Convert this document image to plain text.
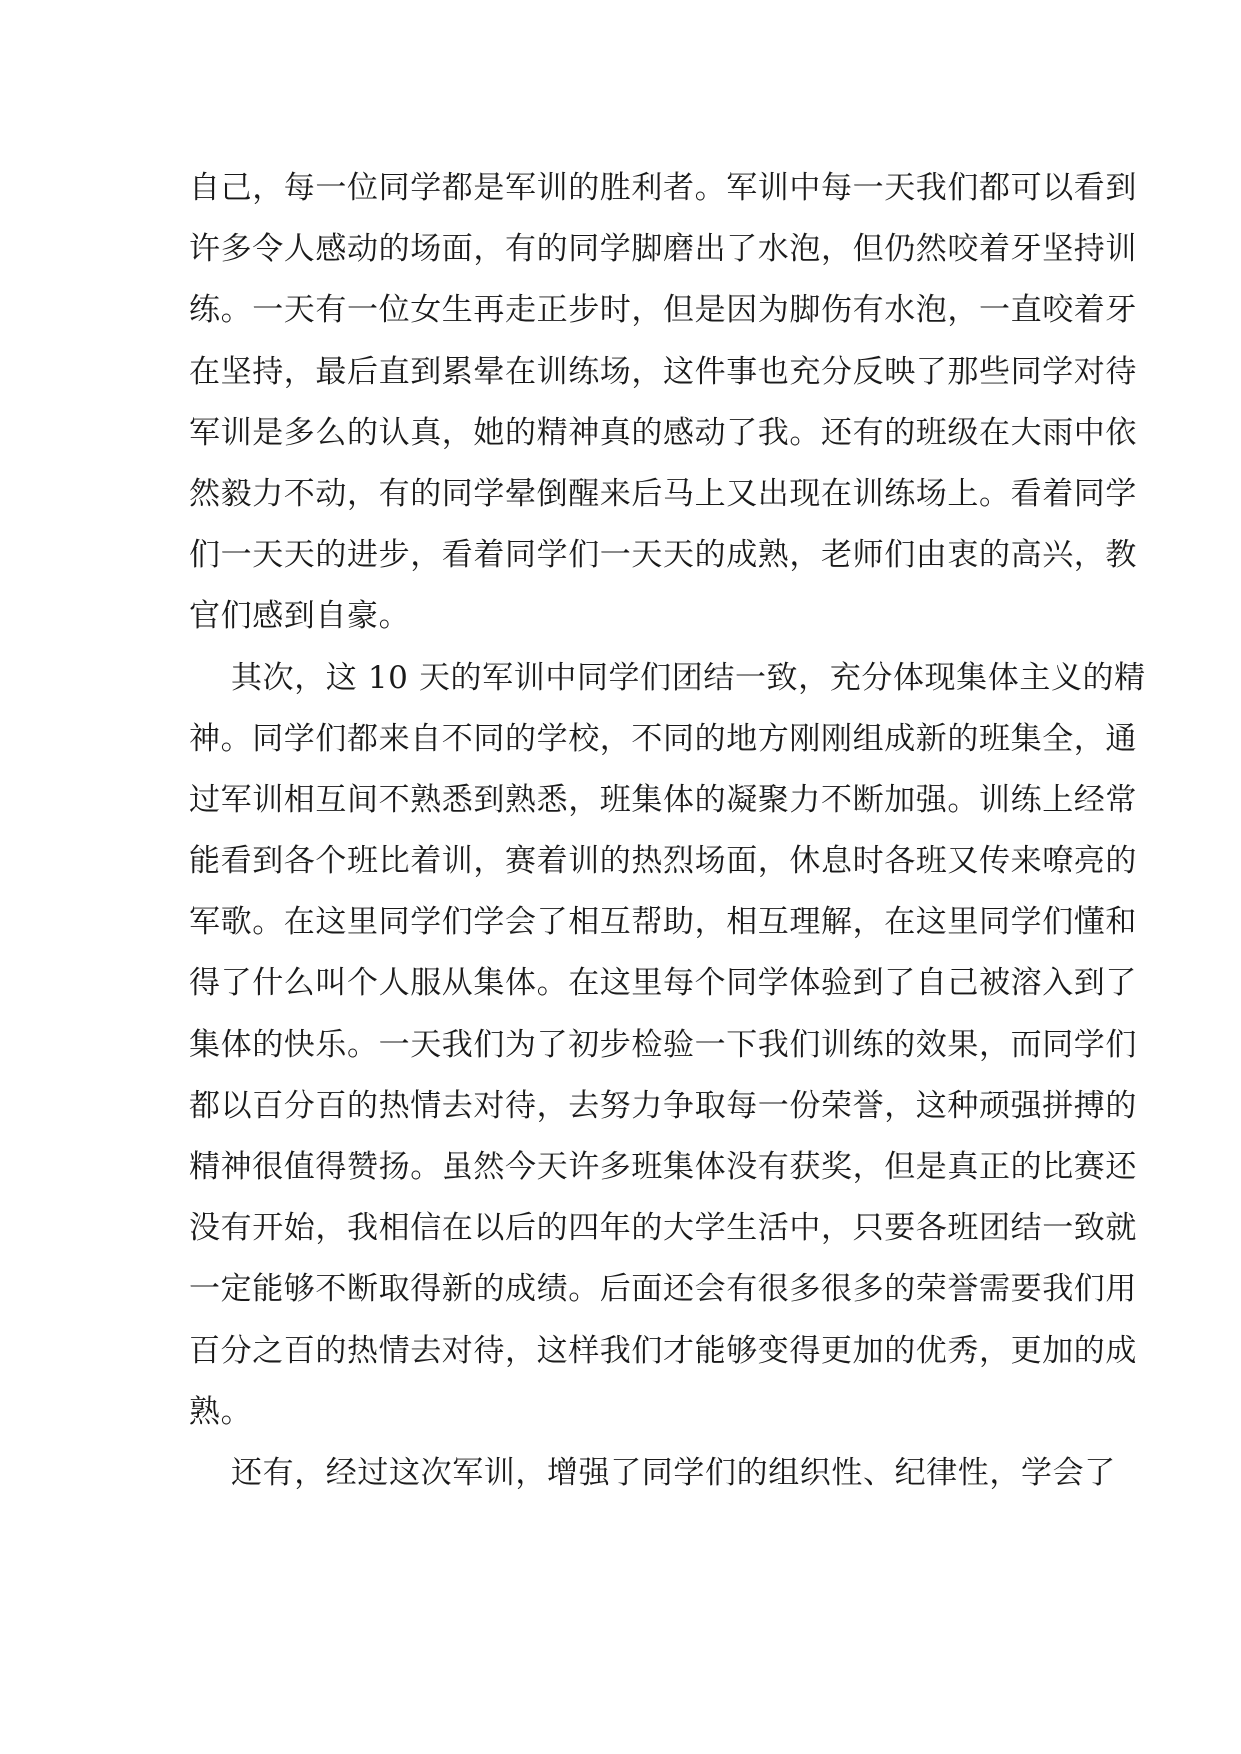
自己，每一位同学都是军训的胜利者。军训中每一天我们都可以看到
许多令人感动的场面，有的同学脚磨出了水泡，但仍然咬着牙坚持训
练。一天有一位女生再走正步时，但是因为脚伤有水泡，一直咬着牙
在坚持，最后直到累晕在训练场，这件事也充分反映了那些同学对待
军训是多么的认真，她的精神真的感动了我。还有的班级在大雨中依
然毅力不动，有的同学晕倒醒来后马上又出现在训练场上。看着同学
们一天天的进步，看着同学们一天天的成熟，老师们由衷的高兴，教
官们感到自豪。
其次，这 10 天的军训中同学们团结一致，充分体现集体主义的精
神。同学们都来自不同的学校，不同的地方刚刚组成新的班集全，通
过军训相互间不熟悉到熟悉，班集体的凝聚力不断加强。训练上经常
能看到各个班比着训，赛着训的热烈场面，休息时各班又传来嘹亮的
军歌。在这里同学们学会了相互帮助，相互理解，在这里同学们懂和
得了什么叫个人服从集体。在这里每个同学体验到了自己被溶入到了
集体的快乐。一天我们为了初步检验一下我们训练的效果，而同学们
都以百分百的热情去对待，去努力争取每一份荣誉，这种顽强拼搏的
精神很值得赞扬。虽然今天许多班集体没有获奖，但是真正的比赛还
没有开始，我相信在以后的四年的大学生活中，只要各班团结一致就
一定能够不断取得新的成绩。后面还会有很多很多的荣誉需要我们用
百分之百的热情去对待，这样我们才能够变得更加的优秀，更加的成
熟。
还有，经过这次军训，增强了同学们的组织性、纪律性，学会了
